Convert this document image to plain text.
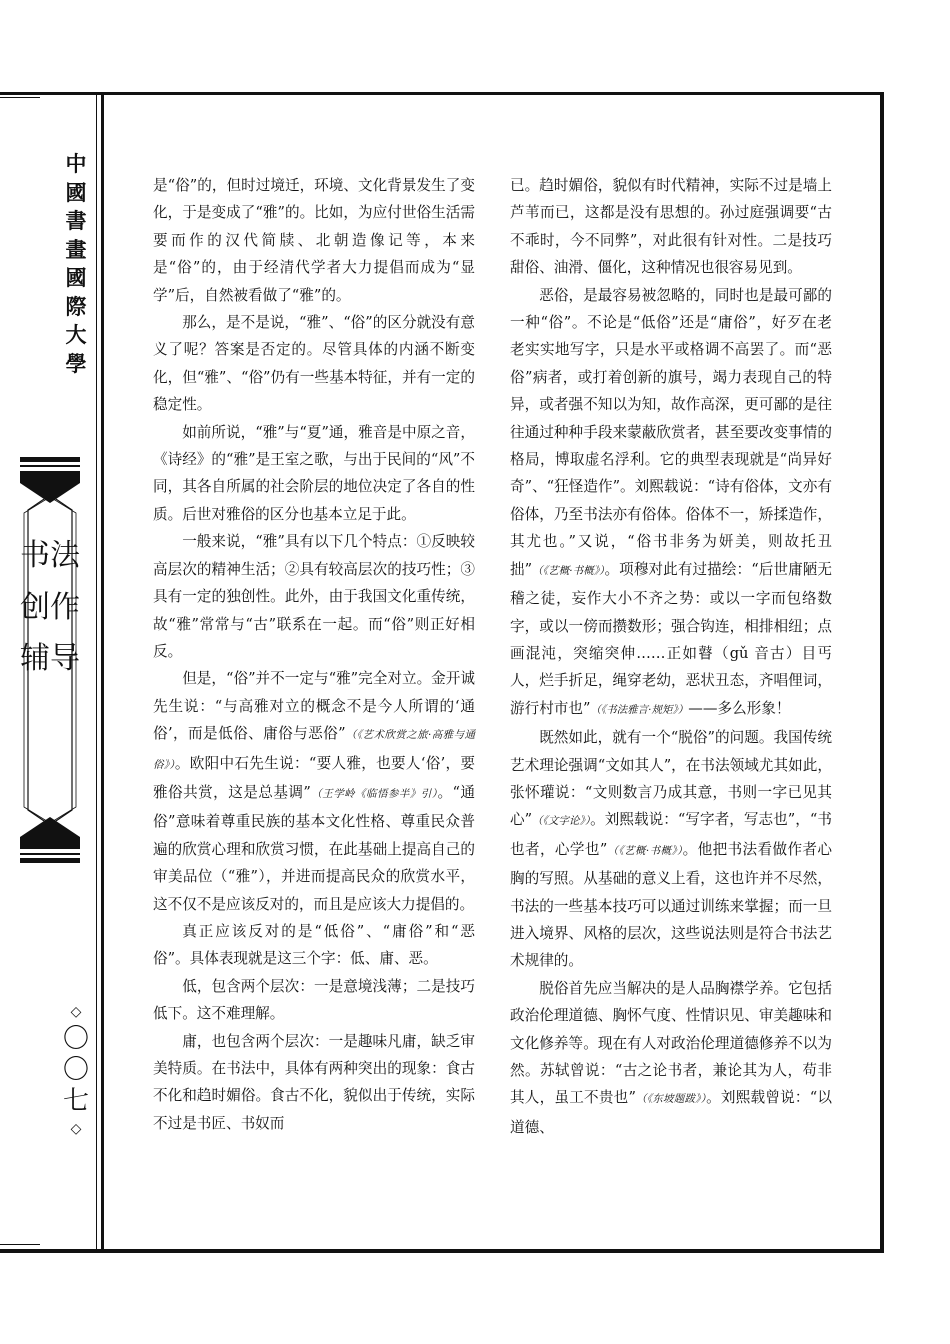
中國書畫國際大學
书法创作辅导
◇
〇〇七
◇

是“俗”的，但时过境迁，环境、文化背景发生了变化，于是变成了“雅”的。比如，为应付世俗生活需要而作的汉代简牍、北朝造像记等，本来是“俗”的，由于经清代学者大力提倡而成为“显学”后，自然被看做了“雅”的。

那么，是不是说，“雅”、“俗”的区分就没有意义了呢？答案是否定的。尽管具体的内涵不断变化，但“雅”、“俗”仍有一些基本特征，并有一定的稳定性。

如前所说，“雅”与“夏”通，雅音是中原之音，《诗经》的“雅”是王室之歌，与出于民间的“风”不同，其各自所属的社会阶层的地位决定了各自的性质。后世对雅俗的区分也基本立足于此。

一般来说，“雅”具有以下几个特点：①反映较高层次的精神生活；②具有较高层次的技巧性；③具有一定的独创性。此外，由于我国文化重传统，故“雅”常常与“古”联系在一起。而“俗”则正好相反。

但是，“俗”并不一定与“雅”完全对立。金开诚先生说：“与高雅对立的概念不是今人所谓的‘通俗’，而是低俗、庸俗与恶俗”（《艺术欣赏之旅·高雅与通俗》）。欧阳中石先生说：“要人雅，也要人‘俗’，要雅俗共赏，这是总基调”（王学岭《临悟参半》引）。“通俗”意味着尊重民族的基本文化性格、尊重民众普遍的欣赏心理和欣赏习惯，在此基础上提高自己的审美品位（“雅”），并进而提高民众的欣赏水平，这不仅不是应该反对的，而且是应该大力提倡的。

真正应该反对的是“低俗”、“庸俗”和“恶俗”。具体表现就是这三个字：低、庸、恶。

低，包含两个层次：一是意境浅薄；二是技巧低下。这不难理解。

庸，也包含两个层次：一是趣味凡庸，缺乏审美特质。在书法中，具体有两种突出的现象：食古不化和趋时媚俗。食古不化，貌似出于传统，实际不过是书匠、书奴而

已。趋时媚俗，貌似有时代精神，实际不过是墙上芦苇而已，这都是没有思想的。孙过庭强调要“古不乖时，今不同弊”，对此很有针对性。二是技巧甜俗、油滑、僵化，这种情况也很容易见到。

恶俗，是最容易被忽略的，同时也是最可鄙的一种“俗”。不论是“低俗”还是“庸俗”，好歹在老老实实地写字，只是水平或格调不高罢了。而“恶俗”病者，或打着创新的旗号，竭力表现自己的特异，或者强不知以为知，故作高深，更可鄙的是往往通过种种手段来蒙蔽欣赏者，甚至要改变事情的格局，博取虚名浮利。它的典型表现就是“尚异好奇”、“狂怪造作”。刘熙载说：“诗有俗体，文亦有俗体，乃至书法亦有俗体。俗体不一，矫揉造作，其尤也。”又说，“俗书非务为妍美，则故托丑拙”（《艺概·书概》）。项穆对此有过描绘：“后世庸陋无稽之徒，妄作大小不齐之势：或以一字而包络数字，或以一傍而攒数形；强合钩连，相排相纽；点画混沌，突缩突伸……正如瞽（gǔ 音古）目丐人，烂手折足，绳穿老幼，恶状丑态，齐唱俚词，游行村市也”（《书法雅言·规矩》）——多么形象！

既然如此，就有一个“脱俗”的问题。我国传统艺术理论强调“文如其人”，在书法领域尤其如此，张怀瓘说：“文则数言乃成其意，书则一字已见其心”（《文字论》）。刘熙载说：“写字者，写志也”，“书也者，心学也”（《艺概·书概》）。他把书法看做作者心胸的写照。从基础的意义上看，这也许并不尽然，书法的一些基本技巧可以通过训练来掌握；而一旦进入境界、风格的层次，这些说法则是符合书法艺术规律的。

脱俗首先应当解决的是人品胸襟学养。它包括政治伦理道德、胸怀气度、性情识见、审美趣味和文化修养等。现在有人对政治伦理道德修养不以为然。苏轼曾说：“古之论书者，兼论其为人，苟非其人，虽工不贵也”（《东坡题跋》）。刘熙载曾说：“以道德、
